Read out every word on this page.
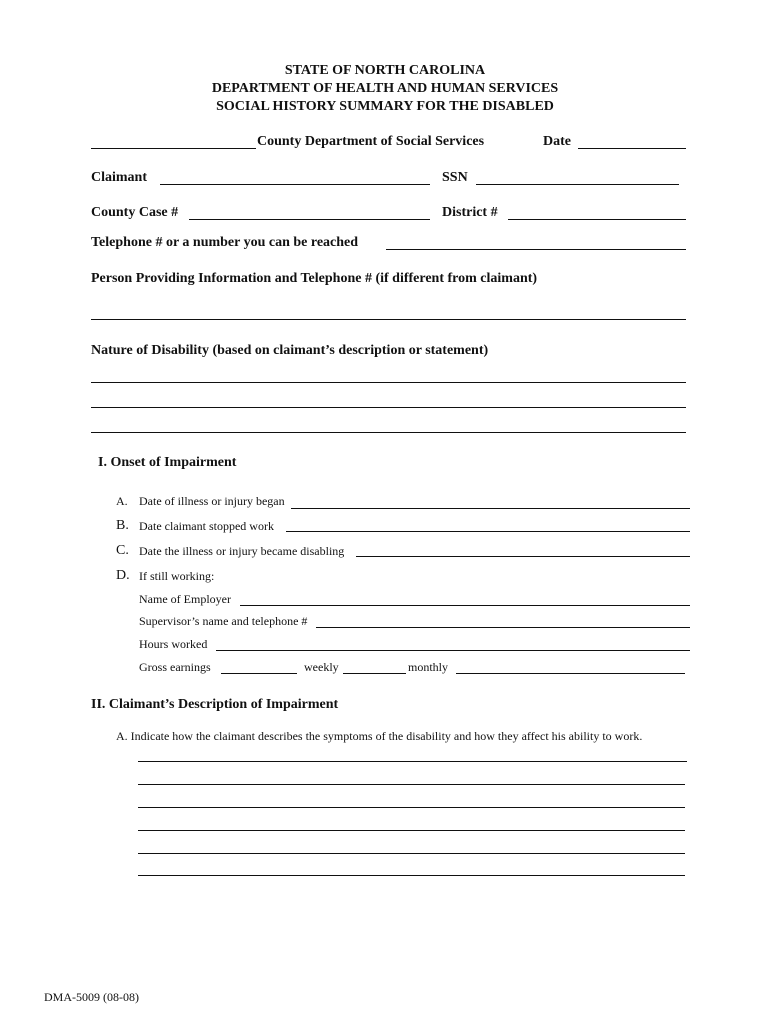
STATE OF NORTH CAROLINA
DEPARTMENT OF HEALTH AND HUMAN SERVICES
SOCIAL HISTORY SUMMARY FOR THE DISABLED
County Department of Social Services	Date
Claimant	SSN
County Case #	District #
Telephone # or a number you can be reached
Person Providing Information and Telephone # (if different from claimant)
Nature of Disability (based on claimant’s description or statement)
I. Onset of Impairment
A. Date of illness or injury began
B. Date claimant stopped work
C. Date the illness or injury became disabling
D. If still working:
Name of Employer
Supervisor’s name and telephone #
Hours worked
Gross earnings	weekly	monthly
II. Claimant’s Description of Impairment
A. Indicate how the claimant describes the symptoms of the disability and how they affect his ability to work.
DMA-5009 (08-08)
